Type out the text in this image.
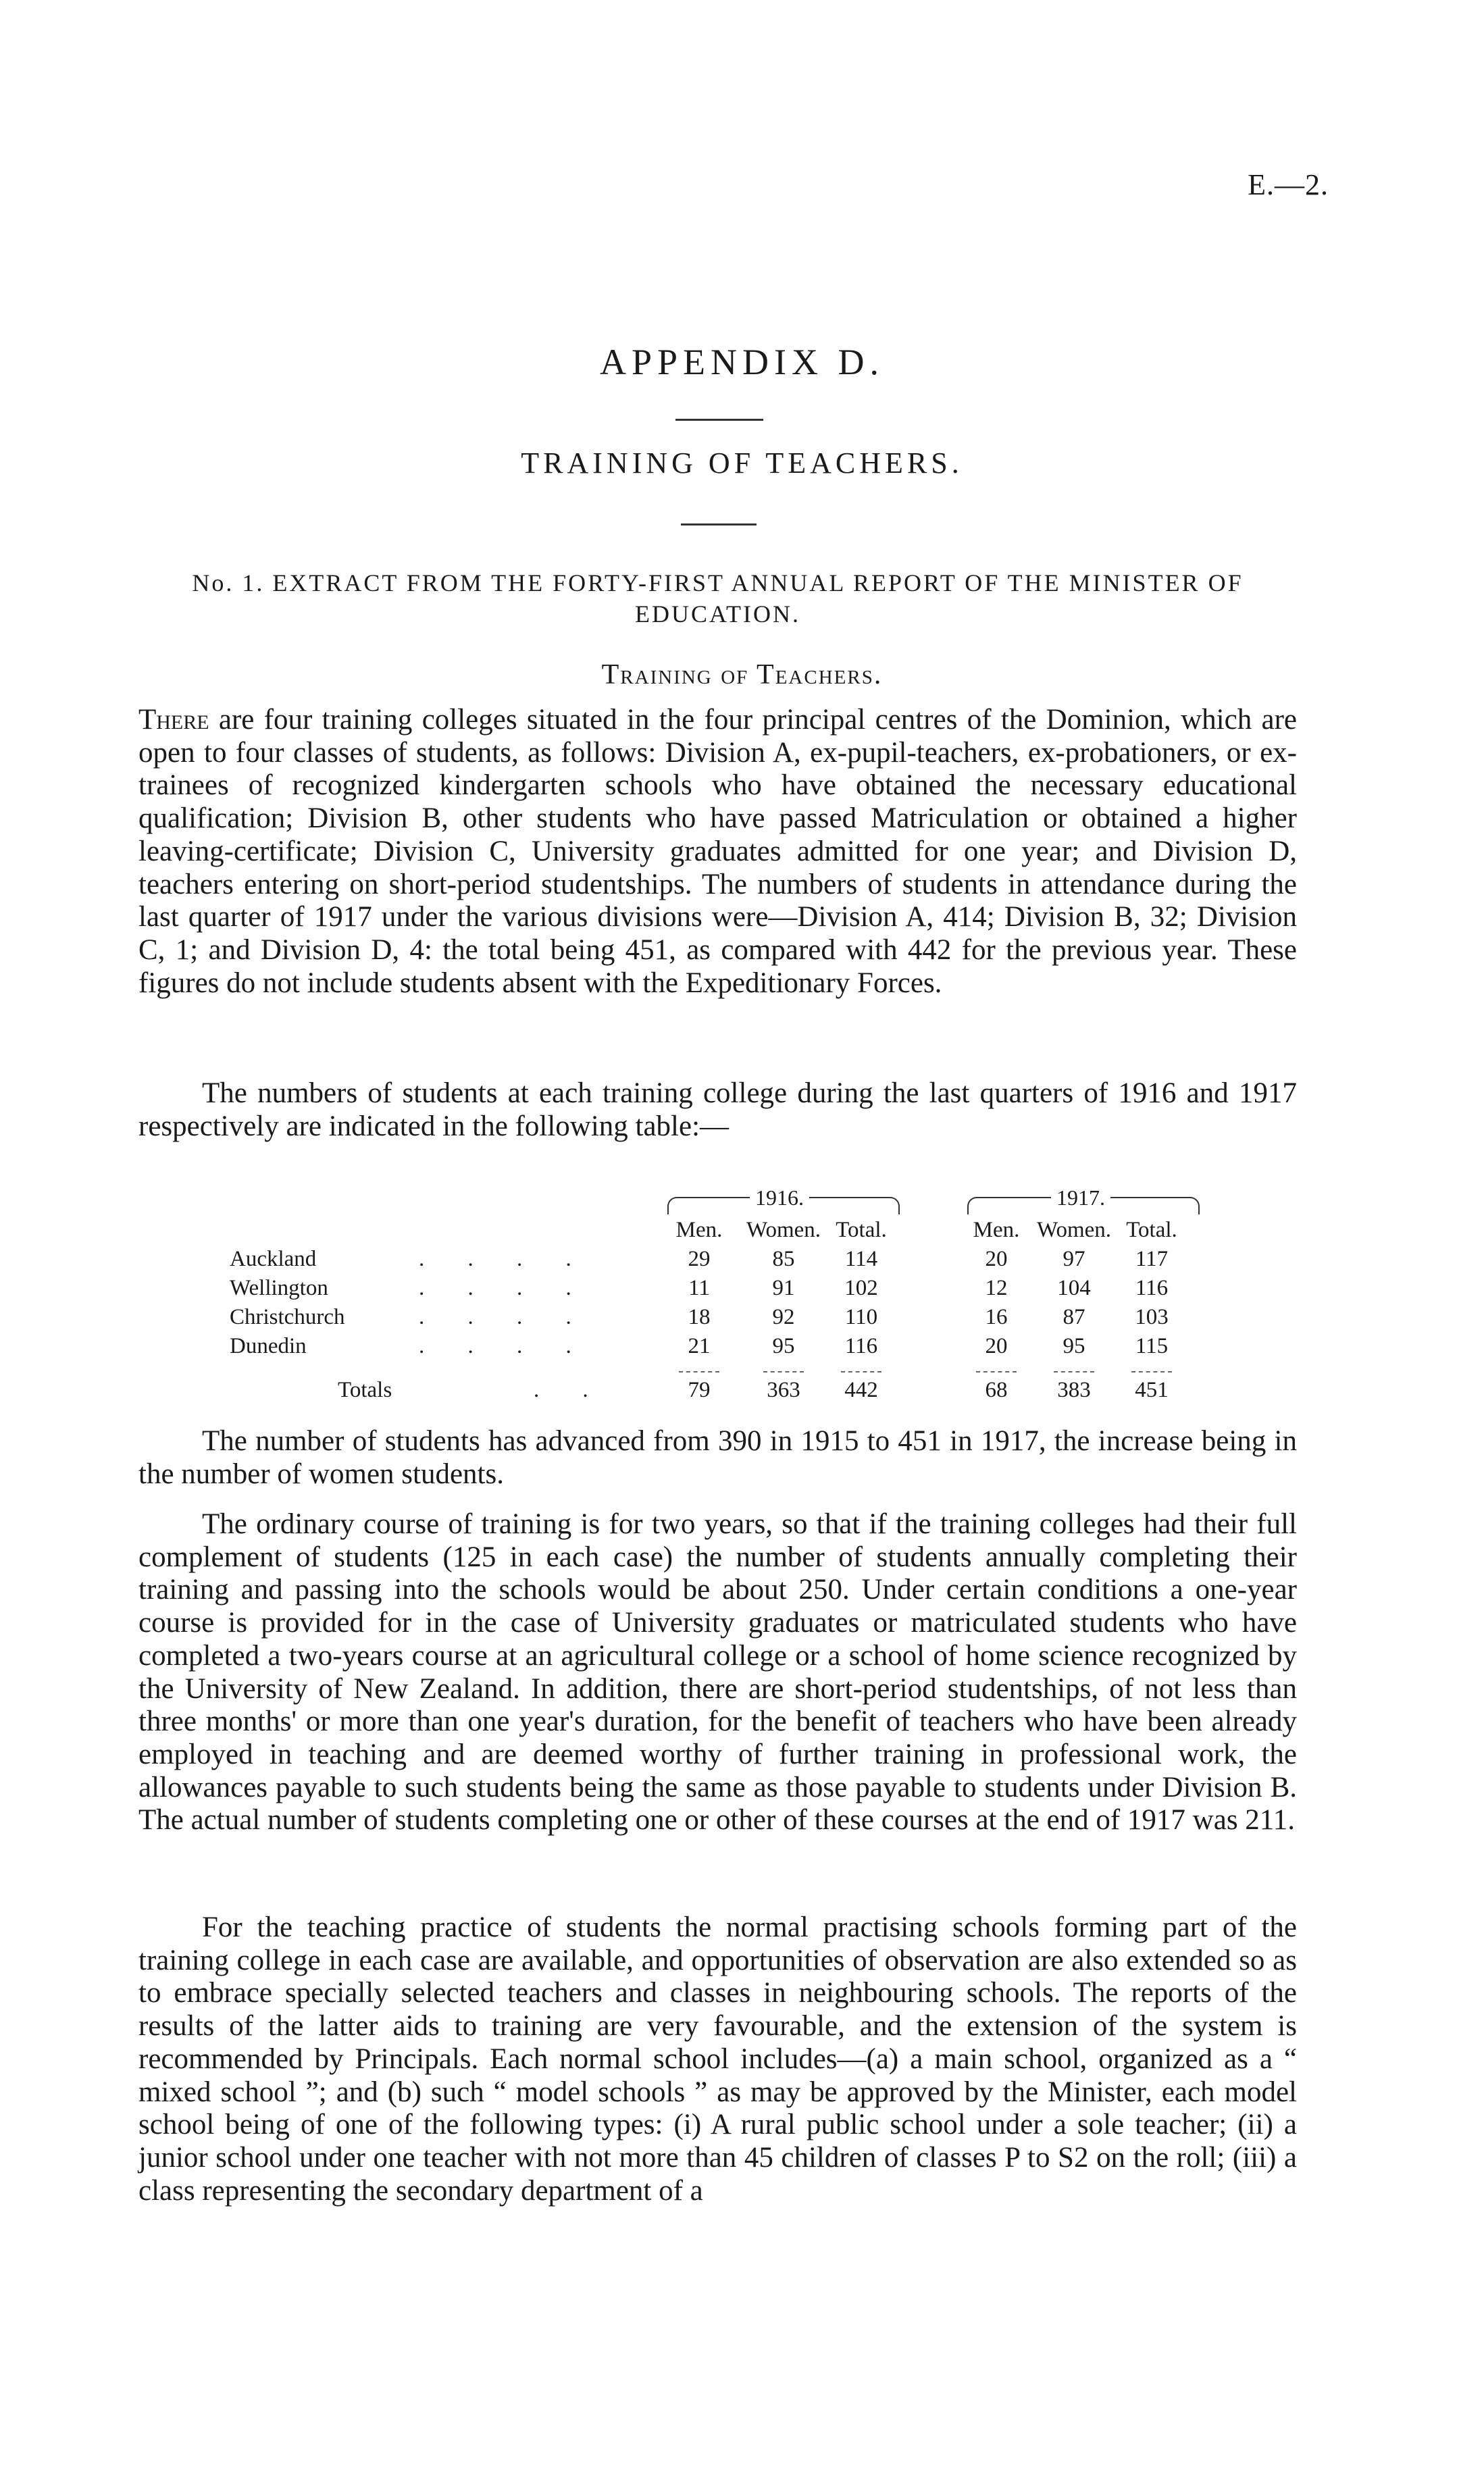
E.—2.
APPENDIX D.
TRAINING OF TEACHERS.
No. 1. EXTRACT FROM THE FORTY-FIRST ANNUAL REPORT OF THE MINISTER OF EDUCATION.
Training of Teachers.

There are four training colleges situated in the four principal centres of the Dominion, which are open to four classes of students, as follows: Division A, ex-pupil-teachers, ex-probationers, or ex-trainees of recognized kindergarten schools who have obtained the necessary educational qualification; Division B, other students who have passed Matriculation or obtained a higher leaving-certificate; Division C, University graduates admitted for one year; and Division D, teachers entering on short-period studentships. The numbers of students in attendance during the last quarter of 1917 under the various divisions were—Division A, 414; Division B, 32; Division C, 1; and Division D, 4: the total being 451, as compared with 442 for the previous year. These figures do not include students absent with the Expeditionary Forces.

The numbers of students at each training college during the last quarters of 1916 and 1917 respectively are indicated in the following table:—

1916.	1917.
Men.	Women. Total.	Men. Women. Total.
Auckland	. . . .	29	85	114	20	97	117
Wellington	. . . .	11	91	102	12	104	116
Christchurch	. . . .	18	92	110	16	87	103
Dunedin	. . . .	21	95	116	20	95	115
Totals	. .	79	363	442	68	383	451

The number of students has advanced from 390 in 1915 to 451 in 1917, the increase being in the number of women students.

The ordinary course of training is for two years, so that if the training colleges had their full complement of students (125 in each case) the number of students annually completing their training and passing into the schools would be about 250. Under certain conditions a one-year course is provided for in the case of University graduates or matriculated students who have completed a two-years course at an agricultural college or a school of home science recognized by the University of New Zealand. In addition, there are short-period studentships, of not less than three months' or more than one year's duration, for the benefit of teachers who have been already employed in teaching and are deemed worthy of further training in professional work, the allowances payable to such students being the same as those payable to students under Division B. The actual number of students completing one or other of these courses at the end of 1917 was 211.

For the teaching practice of students the normal practising schools forming part of the training college in each case are available, and opportunities of observation are also extended so as to embrace specially selected teachers and classes in neighbouring schools. The reports of the results of the latter aids to training are very favourable, and the extension of the system is recommended by Principals. Each normal school includes—(a) a main school, organized as a “ mixed school ”; and (b) such “ model schools ” as may be approved by the Minister, each model school being of one of the following types: (i) A rural public school under a sole teacher; (ii) a junior school under one teacher with not more than 45 children of classes P to S2 on the roll; (iii) a class representing the secondary department of a
